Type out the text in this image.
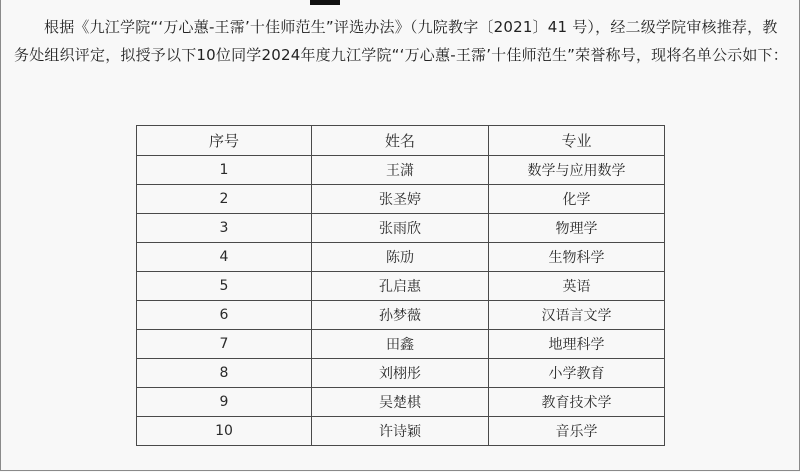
根据《九江学院“‘万心蕙-王霈’十佳师范生”评选办法》（九院教字〔2021〕41 号），经二级学院审核推荐，教务处组织评定，拟授予以下10位同学2024年度九江学院“‘万心蕙-王霈’十佳师范生”荣誉称号，现将名单公示如下：
序号	姓名	专业
1	王潇	数学与应用数学
2	张圣婷	化学
3	张雨欣	物理学
4	陈劢	生物科学
5	孔启惠	英语
6	孙梦薇	汉语言文学
7	田鑫	地理科学
8	刘栩彤	小学教育
9	吴楚棋	教育技术学
10	许诗颖	音乐学
